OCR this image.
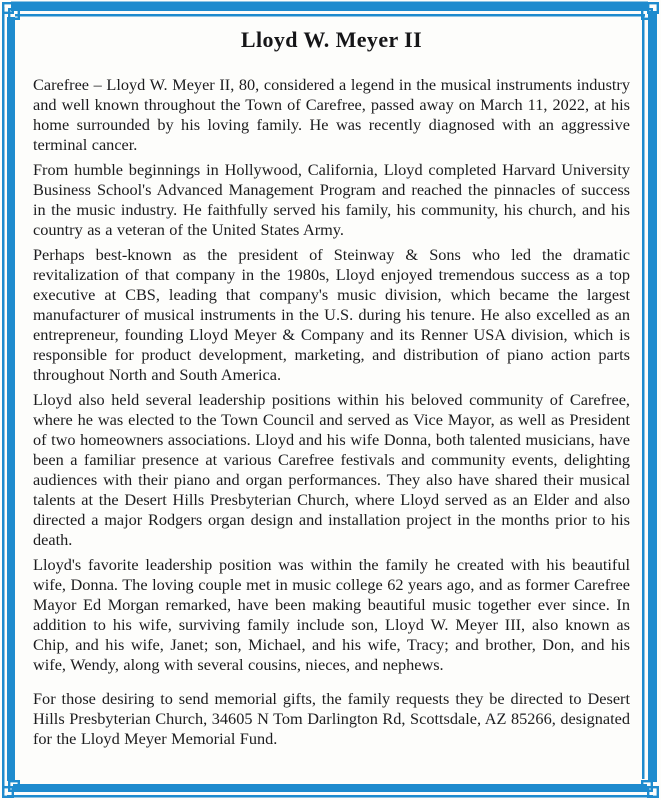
Lloyd W. Meyer II

Carefree – Lloyd W. Meyer II, 80, considered a legend in the musical instruments industry and well known throughout the Town of Carefree, passed away on March 11, 2022, at his home surrounded by his loving family. He was recently diagnosed with an aggressive terminal cancer.

From humble beginnings in Hollywood, California, Lloyd completed Harvard University Business School's Advanced Management Program and reached the pinnacles of success in the music industry. He faithfully served his family, his community, his church, and his country as a veteran of the United States Army.

Perhaps best-known as the president of Steinway & Sons who led the dramatic revitalization of that company in the 1980s, Lloyd enjoyed tremendous success as a top executive at CBS, leading that company's music division, which became the largest manufacturer of musical instruments in the U.S. during his tenure. He also excelled as an entrepreneur, founding Lloyd Meyer & Company and its Renner USA division, which is responsible for product development, marketing, and distribution of piano action parts throughout North and South America.

Lloyd also held several leadership positions within his beloved community of Carefree, where he was elected to the Town Council and served as Vice Mayor, as well as President of two homeowners associations. Lloyd and his wife Donna, both talented musicians, have been a familiar presence at various Carefree festivals and community events, delighting audiences with their piano and organ performances. They also have shared their musical talents at the Desert Hills Presbyterian Church, where Lloyd served as an Elder and also directed a major Rodgers organ design and installation project in the months prior to his death.

Lloyd's favorite leadership position was within the family he created with his beautiful wife, Donna. The loving couple met in music college 62 years ago, and as former Carefree Mayor Ed Morgan remarked, have been making beautiful music together ever since. In addition to his wife, surviving family include son, Lloyd W. Meyer III, also known as Chip, and his wife, Janet; son, Michael, and his wife, Tracy; and brother, Don, and his wife, Wendy, along with several cousins, nieces, and nephews.

For those desiring to send memorial gifts, the family requests they be directed to Desert Hills Presbyterian Church, 34605 N Tom Darlington Rd, Scottsdale, AZ 85266, designated for the Lloyd Meyer Memorial Fund.
